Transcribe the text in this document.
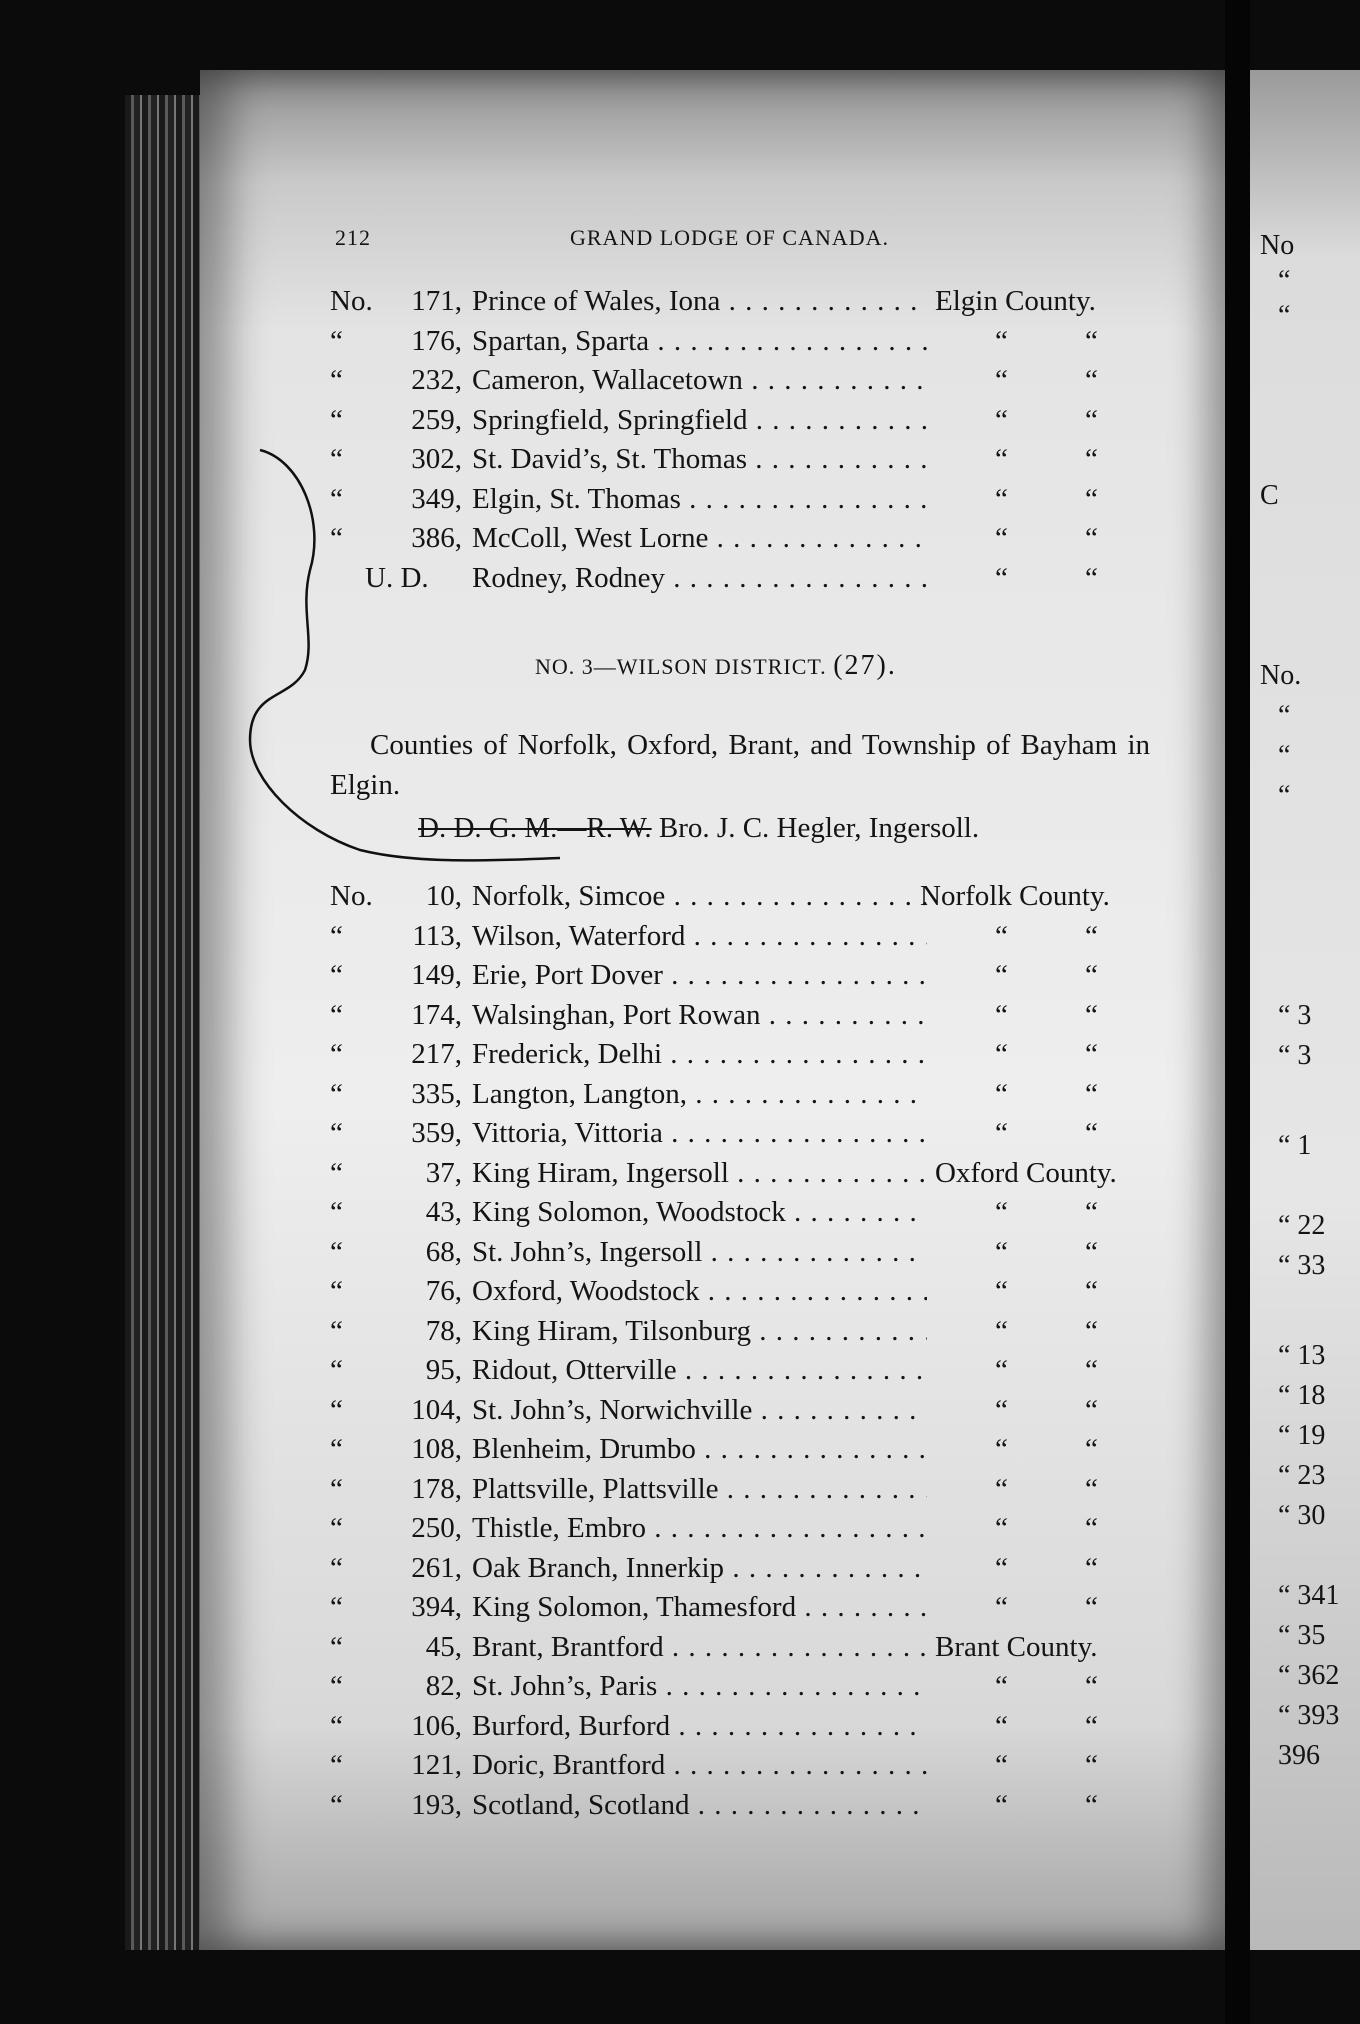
No
“
“
C
No.
“
“
“
“ 3
“ 3
“ 1
“ 22
“ 33
“ 13
“ 18
“ 19
“ 23
“ 30
“ 341
“ 35
“ 362
“ 393
396
212	GRAND LODGE OF CANADA.
No. 171, Prince of Wales, Iona . . .	Elgin County.
“ 176, Spartan, Sparta . . .	“	“
“ 232, Cameron, Wallacetown . . .	“	“
“ 259, Springfield, Springfield . . .	“	“
“ 302, St. David’s, St. Thomas . . .	“	“
“ 349, Elgin, St. Thomas . . .	“	“
“ 386, McColl, West Lorne . . .	“	“
U. D. Rodney, Rodney . . .	“	“
NO. 3—WILSON DISTRICT. (27).
Counties of Norfolk, Oxford, Brant, and Township of Bayham in Elgin.
D. D. G. M.—R. W. Bro. J. C. Hegler, Ingersoll.
No. 10, Norfolk, Simcoe . . .	Norfolk County.
“ 113, Wilson, Waterford . . .	“	“
“ 149, Erie, Port Dover . . .	“	“
“ 174, Walsinghan, Port Rowan . . .	“	“
“ 217, Frederick, Delhi . . .	“	“
“ 335, Langton, Langton, . . .	“	“
“ 359, Vittoria, Vittoria . . .	“	“
“	37, King Hiram, Ingersoll . . .	Oxford County.
“	43, King Solomon, Woodstock . . .	“	“
“	68, St. John’s, Ingersoll . . .	“	“
“	76, Oxford, Woodstock . . .	“	“
“	78, King Hiram, Tilsonburg . . .	“	“
“	95, Ridout, Otterville . . .	“	“
“ 104, St. John’s, Norwichville . . .	“	“
“ 108, Blenheim, Drumbo . . .	“	“
“ 178, Plattsville, Plattsville . . .	“	“
“ 250, Thistle, Embro . . .	“	“
“ 261, Oak Branch, Innerkip . . .	“	“
“ 394, King Solomon, Thamesford . . .	“	“
“	45, Brant, Brantford . . .	Brant County.
“	82, St. John’s, Paris . . .	“	“
“ 106, Burford, Burford . . .	“	“
“ 121, Doric, Brantford . . .	“	“
“ 193, Scotland, Scotland . . .	“	“
